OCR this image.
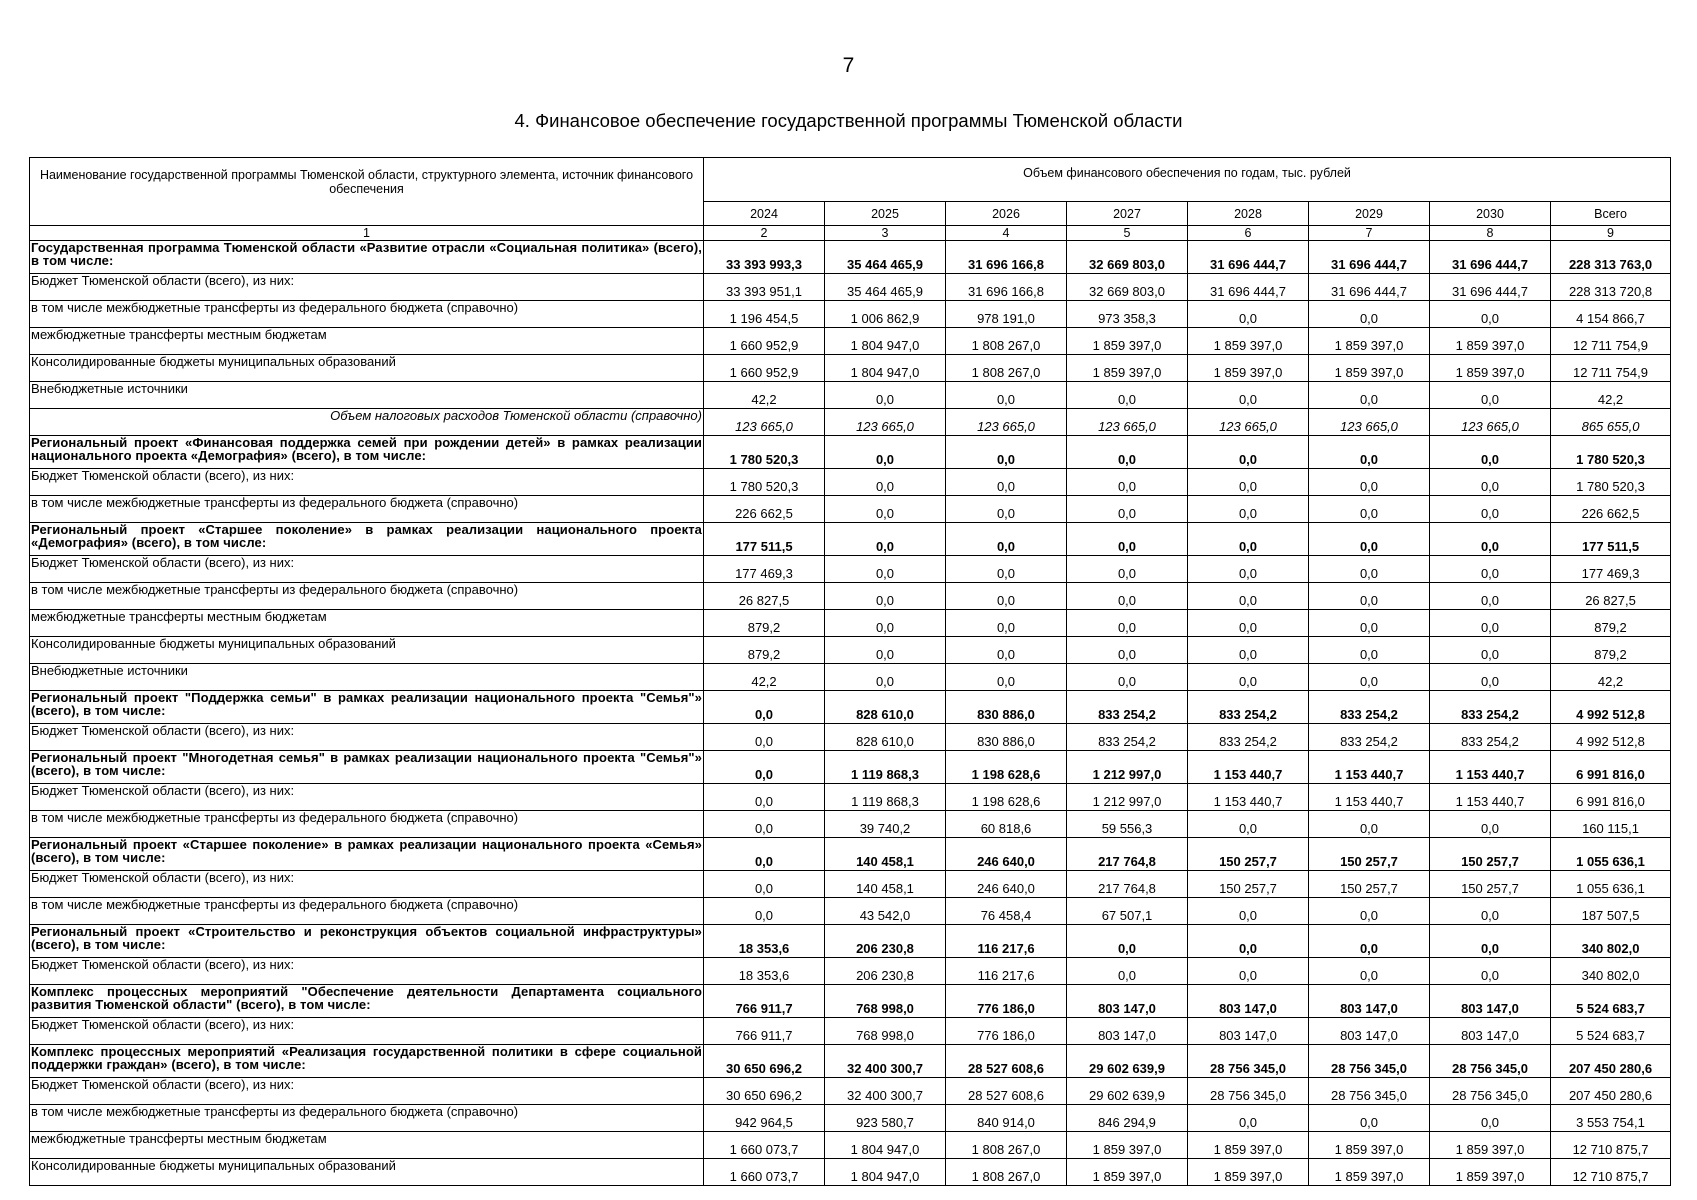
7
4. Финансовое обеспечение государственной программы Тюменской области
Наименование государственной программы Тюменской области, структурного элемента, источник финансового обеспечения	Объем финансового обеспечения по годам, тыс. рублей							
	2024	2025	2026	2027	2028	2029	2030	Всего
1	2	3	4	5	6	7	8	9
Государственная программа Тюменской области «Развитие отрасли «Социальная политика» (всего), в том числе:	33 393 993,3	35 464 465,9	31 696 166,8	32 669 803,0	31 696 444,7	31 696 444,7	31 696 444,7	228 313 763,0
Бюджет Тюменской области (всего), из них:	33 393 951,1	35 464 465,9	31 696 166,8	32 669 803,0	31 696 444,7	31 696 444,7	31 696 444,7	228 313 720,8
в том числе межбюджетные трансферты из федерального бюджета (справочно)	1 196 454,5	1 006 862,9	978 191,0	973 358,3	0,0	0,0	0,0	4 154 866,7
межбюджетные трансферты местным бюджетам	1 660 952,9	1 804 947,0	1 808 267,0	1 859 397,0	1 859 397,0	1 859 397,0	1 859 397,0	12 711 754,9
Консолидированные бюджеты муниципальных образований	1 660 952,9	1 804 947,0	1 808 267,0	1 859 397,0	1 859 397,0	1 859 397,0	1 859 397,0	12 711 754,9
Внебюджетные источники	42,2	0,0	0,0	0,0	0,0	0,0	0,0	42,2
Объем налоговых расходов Тюменской области (справочно)	123 665,0	123 665,0	123 665,0	123 665,0	123 665,0	123 665,0	123 665,0	865 655,0
Региональный проект «Финансовая поддержка семей при рождении детей» в рамках реализации национального проекта «Демография» (всего), в том числе:	1 780 520,3	0,0	0,0	0,0	0,0	0,0	0,0	1 780 520,3
Бюджет Тюменской области (всего), из них:	1 780 520,3	0,0	0,0	0,0	0,0	0,0	0,0	1 780 520,3
в том числе межбюджетные трансферты из федерального бюджета (справочно)	226 662,5	0,0	0,0	0,0	0,0	0,0	0,0	226 662,5
Региональный проект «Старшее поколение» в рамках реализации национального проекта «Демография» (всего), в том числе:	177 511,5	0,0	0,0	0,0	0,0	0,0	0,0	177 511,5
Бюджет Тюменской области (всего), из них:	177 469,3	0,0	0,0	0,0	0,0	0,0	0,0	177 469,3
в том числе межбюджетные трансферты из федерального бюджета (справочно)	26 827,5	0,0	0,0	0,0	0,0	0,0	0,0	26 827,5
межбюджетные трансферты местным бюджетам	879,2	0,0	0,0	0,0	0,0	0,0	0,0	879,2
Консолидированные бюджеты муниципальных образований	879,2	0,0	0,0	0,0	0,0	0,0	0,0	879,2
Внебюджетные источники	42,2	0,0	0,0	0,0	0,0	0,0	0,0	42,2
Региональный проект "Поддержка семьи" в рамках реализации национального проекта "Семья"» (всего), в том числе:	0,0	828 610,0	830 886,0	833 254,2	833 254,2	833 254,2	833 254,2	4 992 512,8
Бюджет Тюменской области (всего), из них:	0,0	828 610,0	830 886,0	833 254,2	833 254,2	833 254,2	833 254,2	4 992 512,8
Региональный проект "Многодетная семья" в рамках реализации национального проекта "Семья"» (всего), в том числе:	0,0	1 119 868,3	1 198 628,6	1 212 997,0	1 153 440,7	1 153 440,7	1 153 440,7	6 991 816,0
Бюджет Тюменской области (всего), из них:	0,0	1 119 868,3	1 198 628,6	1 212 997,0	1 153 440,7	1 153 440,7	1 153 440,7	6 991 816,0
в том числе межбюджетные трансферты из федерального бюджета (справочно)	0,0	39 740,2	60 818,6	59 556,3	0,0	0,0	0,0	160 115,1
Региональный проект «Старшее поколение» в рамках реализации национального проекта «Семья» (всего), в том числе:	0,0	140 458,1	246 640,0	217 764,8	150 257,7	150 257,7	150 257,7	1 055 636,1
Бюджет Тюменской области (всего), из них:	0,0	140 458,1	246 640,0	217 764,8	150 257,7	150 257,7	150 257,7	1 055 636,1
в том числе межбюджетные трансферты из федерального бюджета (справочно)	0,0	43 542,0	76 458,4	67 507,1	0,0	0,0	0,0	187 507,5
Региональный проект «Строительство и реконструкция объектов социальной инфраструктуры» (всего), в том числе:	18 353,6	206 230,8	116 217,6	0,0	0,0	0,0	0,0	340 802,0
Бюджет Тюменской области (всего), из них:	18 353,6	206 230,8	116 217,6	0,0	0,0	0,0	0,0	340 802,0
Комплекс процессных мероприятий "Обеспечение деятельности Департамента социального развития Тюменской области" (всего), в том числе:	766 911,7	768 998,0	776 186,0	803 147,0	803 147,0	803 147,0	803 147,0	5 524 683,7
Бюджет Тюменской области (всего), из них:	766 911,7	768 998,0	776 186,0	803 147,0	803 147,0	803 147,0	803 147,0	5 524 683,7
Комплекс процессных мероприятий «Реализация государственной политики в сфере социальной поддержки граждан» (всего), в том числе:	30 650 696,2	32 400 300,7	28 527 608,6	29 602 639,9	28 756 345,0	28 756 345,0	28 756 345,0	207 450 280,6
Бюджет Тюменской области (всего), из них:	30 650 696,2	32 400 300,7	28 527 608,6	29 602 639,9	28 756 345,0	28 756 345,0	28 756 345,0	207 450 280,6
в том числе межбюджетные трансферты из федерального бюджета (справочно)	942 964,5	923 580,7	840 914,0	846 294,9	0,0	0,0	0,0	3 553 754,1
межбюджетные трансферты местным бюджетам	1 660 073,7	1 804 947,0	1 808 267,0	1 859 397,0	1 859 397,0	1 859 397,0	1 859 397,0	12 710 875,7
Консолидированные бюджеты муниципальных образований	1 660 073,7	1 804 947,0	1 808 267,0	1 859 397,0	1 859 397,0	1 859 397,0	1 859 397,0	12 710 875,7
